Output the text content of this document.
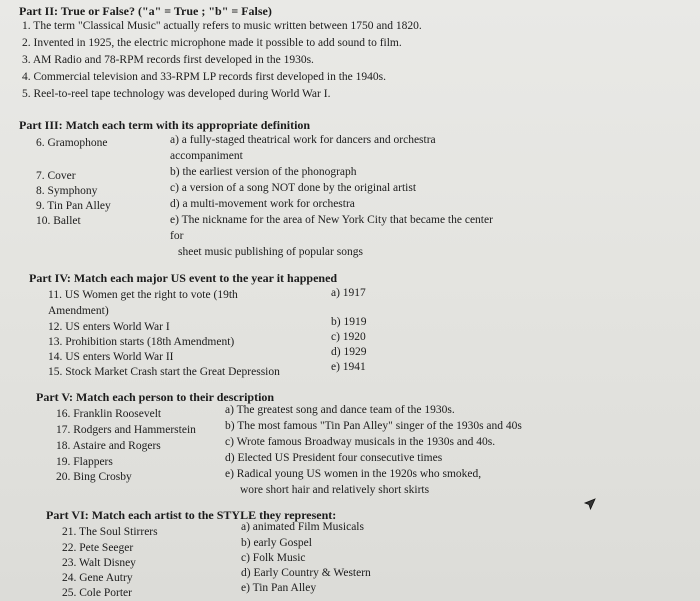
Part II: True or False? ("a" = True ; "b" = False)
1. The term "Classical Music" actually refers to music written between 1750 and 1820.
2. Invented in 1925, the electric microphone made it possible to add sound to film.
3. AM Radio and 78-RPM records first developed in the 1930s.
4. Commercial television and 33-RPM LP records first developed in the 1940s.
5. Reel-to-reel tape technology was developed during World War I.
Part III: Match each term with its appropriate definition
6. Gramophone
7. Cover
8. Symphony
9. Tin Pan Alley
10. Ballet
a) a fully-staged theatrical work for dancers and orchestra
accompaniment
b) the earliest version of the phonograph
c) a version of a song NOT done by the original artist
d) a multi-movement work for orchestra
e) The nickname for the area of New York City that became the center
for
sheet music publishing of popular songs
Part IV: Match each major US event to the year it happened
11. US Women get the right to vote (19th
Amendment)
12. US enters World War I
13. Prohibition starts (18th Amendment)
14. US enters World War II
15. Stock Market Crash start the Great Depression
a) 1917
b) 1919
c) 1920
d) 1929
e) 1941
Part V: Match each person to their description
16. Franklin Roosevelt
17. Rodgers and Hammerstein
18. Astaire and Rogers
19. Flappers
20. Bing Crosby
a) The greatest song and dance team of the 1930s.
b) The most famous "Tin Pan Alley" singer of the 1930s and 40s
c) Wrote famous Broadway musicals in the 1930s and 40s.
d) Elected US President four consecutive times
e) Radical young US women in the 1920s who smoked,
wore short hair and relatively short skirts
Part VI: Match each artist to the STYLE they represent:
21. The Soul Stirrers
22. Pete Seeger
23. Walt Disney
24. Gene Autry
25. Cole Porter
a) animated Film Musicals
b) early Gospel
c) Folk Music
d) Early Country & Western
e) Tin Pan Alley
